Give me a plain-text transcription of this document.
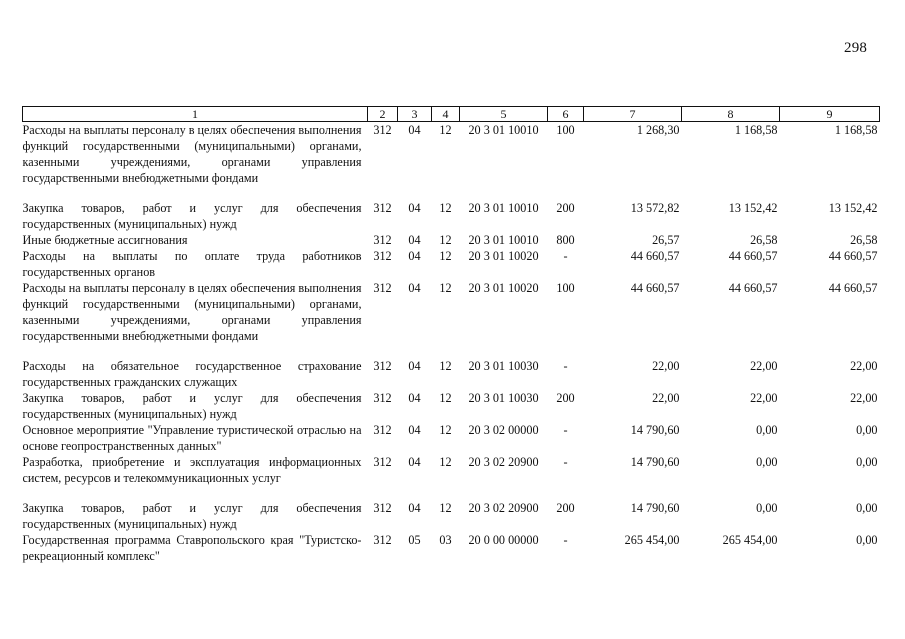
298
1	2	3	4	5	6	7	8	9
Расходы на выплаты персоналу в целях обеспечения выполнения функций государственными (муниципальными) органами, казенными учреждениями, органами управления государственными внебюджетными фондами	312	04	12	20 3 01 10010	100	1 268,30	1 168,58	1 168,58
Закупка товаров, работ и услуг для обеспечения государственных (муниципальных) нужд	312	04	12	20 3 01 10010	200	13 572,82	13 152,42	13 152,42
Иные бюджетные ассигнования	312	04	12	20 3 01 10010	800	26,57	26,58	26,58
Расходы на выплаты по оплате труда работников государственных органов	312	04	12	20 3 01 10020	-	44 660,57	44 660,57	44 660,57
Расходы на выплаты персоналу в целях обеспечения выполнения функций государственными (муниципальными) органами, казенными учреждениями, органами управления государственными внебюджетными фондами	312	04	12	20 3 01 10020	100	44 660,57	44 660,57	44 660,57
Расходы на обязательное государственное страхование государственных гражданских служащих	312	04	12	20 3 01 10030	-	22,00	22,00	22,00
Закупка товаров, работ и услуг для обеспечения государственных (муниципальных) нужд	312	04	12	20 3 01 10030	200	22,00	22,00	22,00
Основное мероприятие "Управление туристической отраслью на основе геопространственных данных"	312	04	12	20 3 02 00000	-	14 790,60	0,00	0,00
Разработка, приобретение и эксплуатация информационных систем, ресурсов и телекоммуникационных услуг	312	04	12	20 3 02 20900	-	14 790,60	0,00	0,00
Закупка товаров, работ и услуг для обеспечения государственных (муниципальных) нужд	312	04	12	20 3 02 20900	200	14 790,60	0,00	0,00
Государственная программа Ставропольского края "Туристско-рекреационный комплекс"	312	05	03	20 0 00 00000	-	265 454,00	265 454,00	0,00
